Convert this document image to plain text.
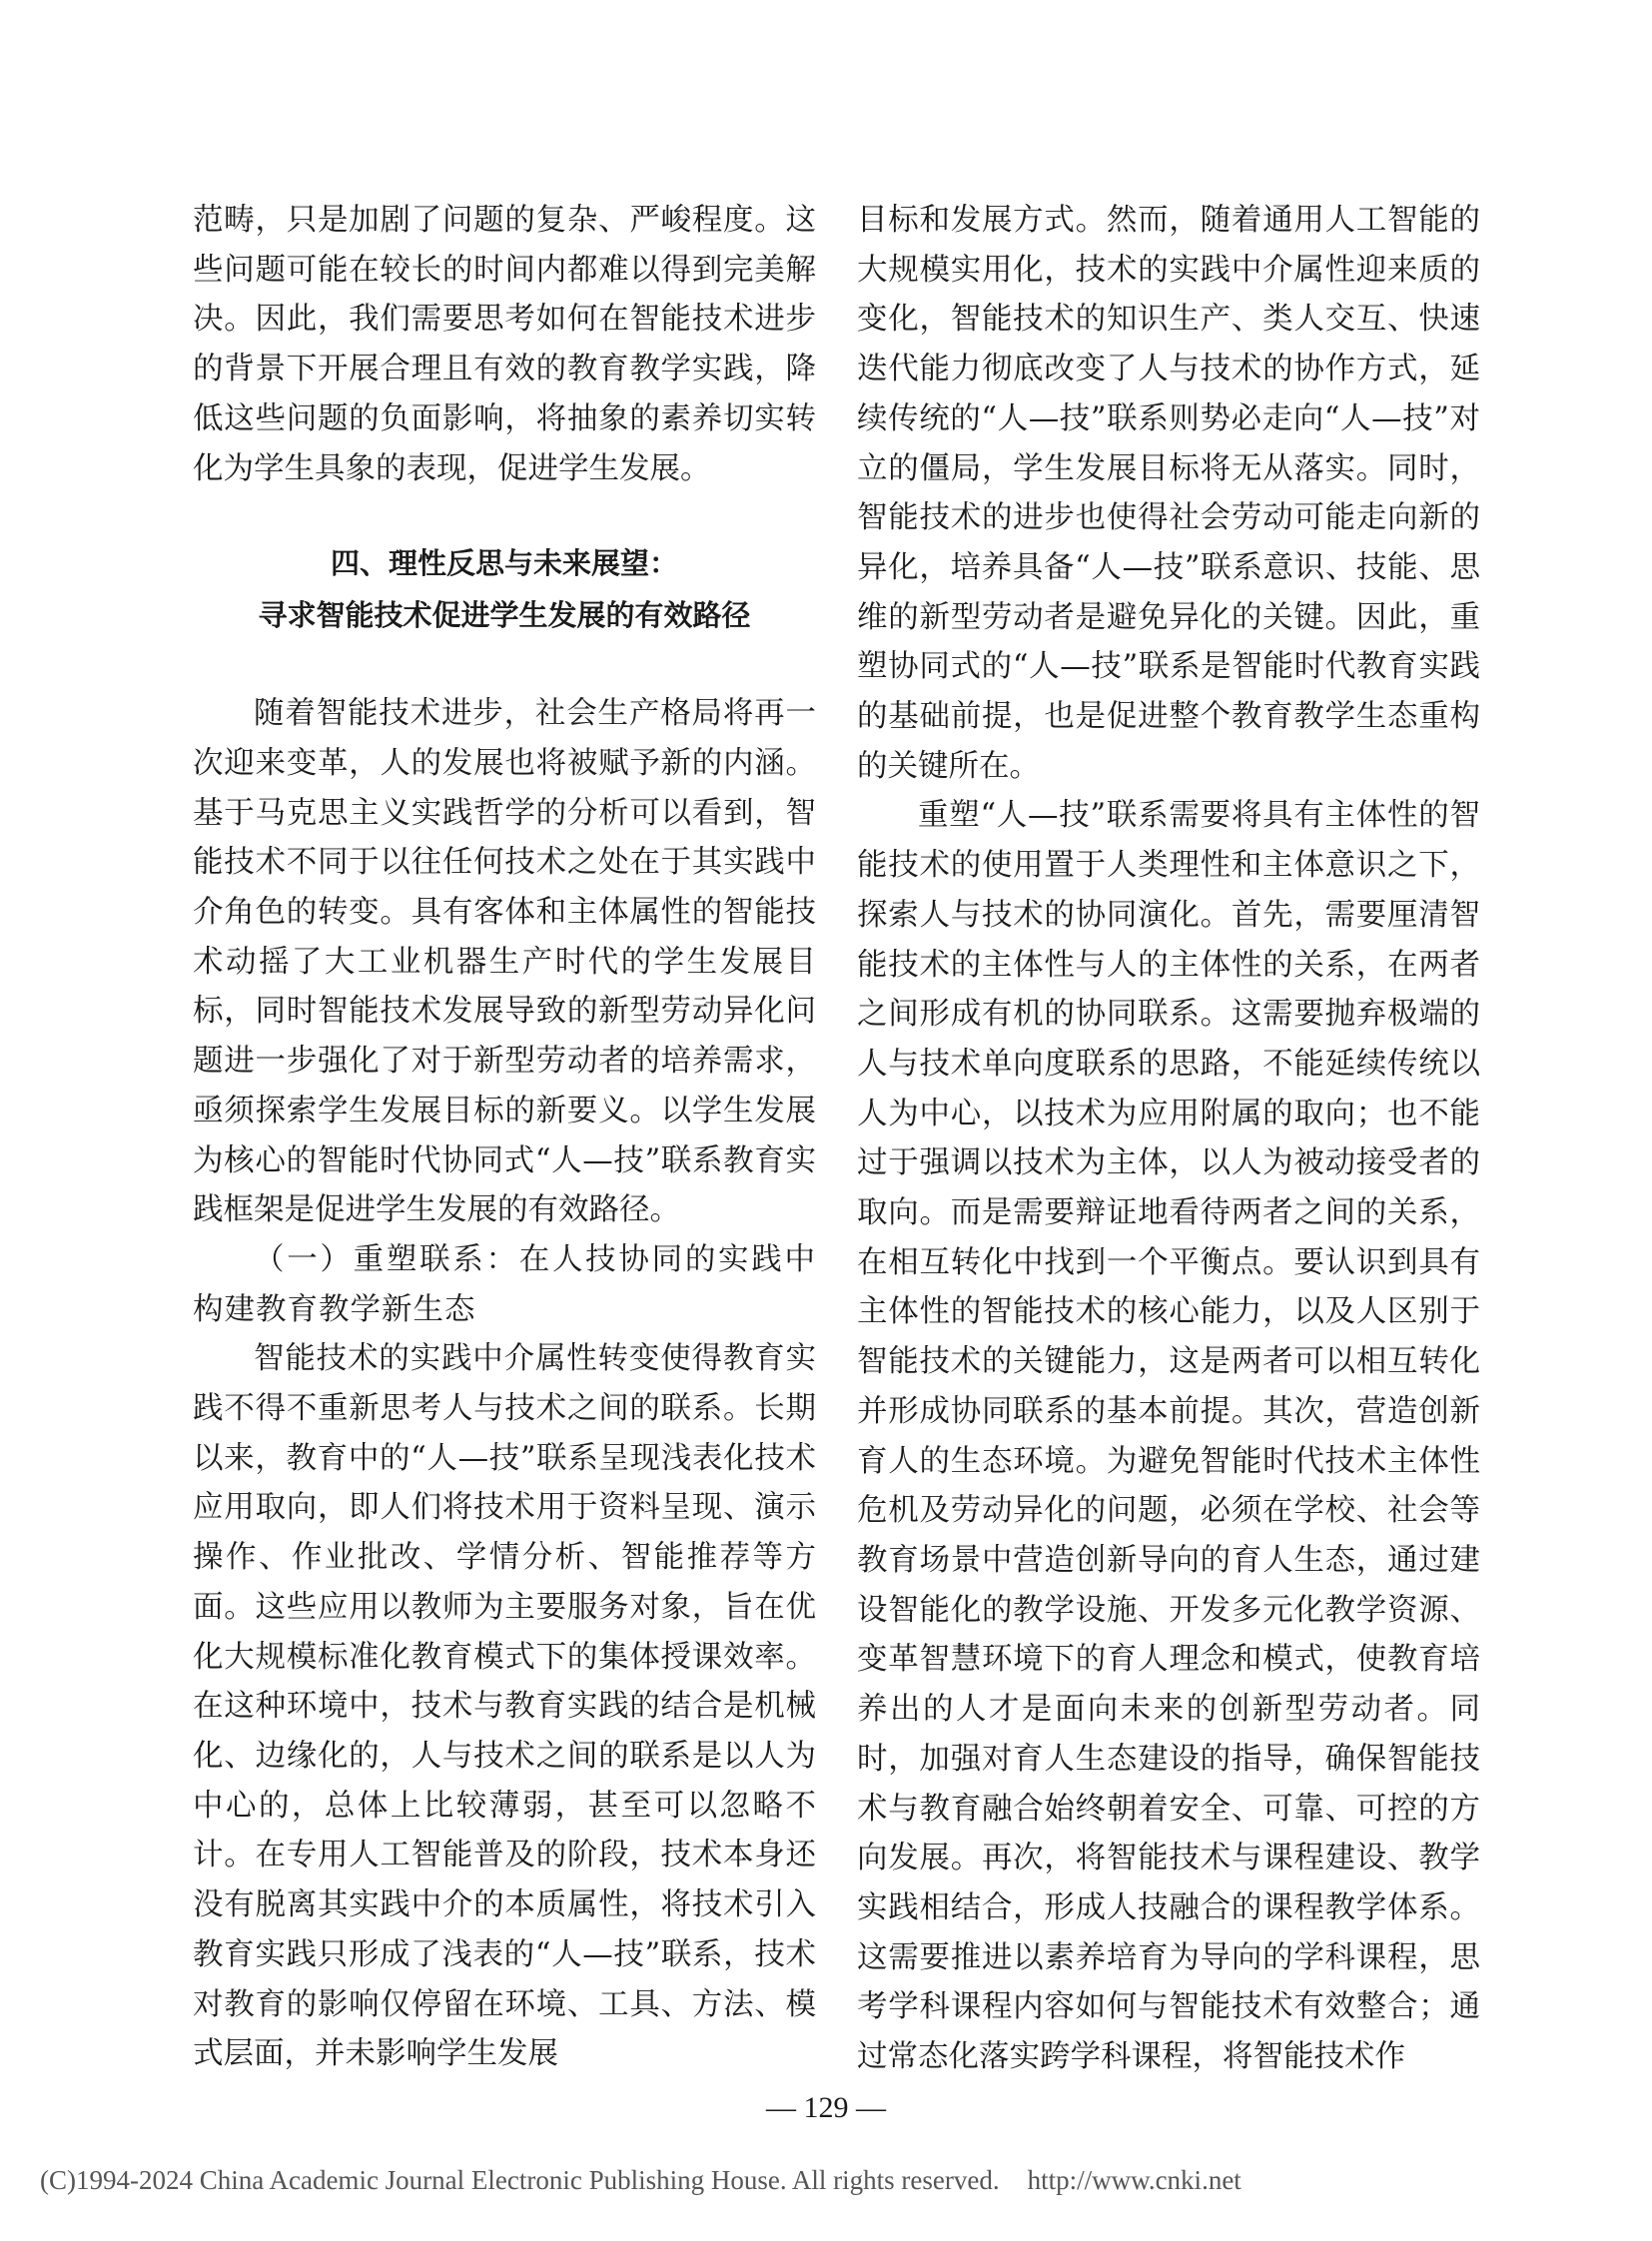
范畴，只是加剧了问题的复杂、严峻程度。这些问题可能在较长的时间内都难以得到完美解决。因此，我们需要思考如何在智能技术进步的背景下开展合理且有效的教育教学实践，降低这些问题的负面影响，将抽象的素养切实转化为学生具象的表现，促进学生发展。

四、理性反思与未来展望：
寻求智能技术促进学生发展的有效路径

随着智能技术进步，社会生产格局将再一次迎来变革，人的发展也将被赋予新的内涵。基于马克思主义实践哲学的分析可以看到，智能技术不同于以往任何技术之处在于其实践中介角色的转变。具有客体和主体属性的智能技术动摇了大工业机器生产时代的学生发展目标，同时智能技术发展导致的新型劳动异化问题进一步强化了对于新型劳动者的培养需求，亟须探索学生发展目标的新要义。以学生发展为核心的智能时代协同式“人—技”联系教育实践框架是促进学生发展的有效路径。

（一）重塑联系：在人技协同的实践中构建教育教学新生态

智能技术的实践中介属性转变使得教育实践不得不重新思考人与技术之间的联系。长期以来，教育中的“人—技”联系呈现浅表化技术应用取向，即人们将技术用于资料呈现、演示操作、作业批改、学情分析、智能推荐等方面。这些应用以教师为主要服务对象，旨在优化大规模标准化教育模式下的集体授课效率。在这种环境中，技术与教育实践的结合是机械化、边缘化的，人与技术之间的联系是以人为中心的，总体上比较薄弱，甚至可以忽略不计。在专用人工智能普及的阶段，技术本身还没有脱离其实践中介的本质属性，将技术引入教育实践只形成了浅表的“人—技”联系，技术对教育的影响仅停留在环境、工具、方法、模式层面，并未影响学生发展

目标和发展方式。然而，随着通用人工智能的大规模实用化，技术的实践中介属性迎来质的变化，智能技术的知识生产、类人交互、快速迭代能力彻底改变了人与技术的协作方式，延续传统的“人—技”联系则势必走向“人—技”对立的僵局，学生发展目标将无从落实。同时，智能技术的进步也使得社会劳动可能走向新的异化，培养具备“人—技”联系意识、技能、思维的新型劳动者是避免异化的关键。因此，重塑协同式的“人—技”联系是智能时代教育实践的基础前提，也是促进整个教育教学生态重构的关键所在。

重塑“人—技”联系需要将具有主体性的智能技术的使用置于人类理性和主体意识之下，探索人与技术的协同演化。首先，需要厘清智能技术的主体性与人的主体性的关系，在两者之间形成有机的协同联系。这需要抛弃极端的人与技术单向度联系的思路，不能延续传统以人为中心，以技术为应用附属的取向；也不能过于强调以技术为主体，以人为被动接受者的取向。而是需要辩证地看待两者之间的关系，在相互转化中找到一个平衡点。要认识到具有主体性的智能技术的核心能力，以及人区别于智能技术的关键能力，这是两者可以相互转化并形成协同联系的基本前提。其次，营造创新育人的生态环境。为避免智能时代技术主体性危机及劳动异化的问题，必须在学校、社会等教育场景中营造创新导向的育人生态，通过建设智能化的教学设施、开发多元化教学资源、变革智慧环境下的育人理念和模式，使教育培养出的人才是面向未来的创新型劳动者。同时，加强对育人生态建设的指导，确保智能技术与教育融合始终朝着安全、可靠、可控的方向发展。再次，将智能技术与课程建设、教学实践相结合，形成人技融合的课程教学体系。这需要推进以素养培育为导向的学科课程，思考学科课程内容如何与智能技术有效整合；通过常态化落实跨学科课程，将智能技术作

— 129 —
(C)1994-2024 China Academic Journal Electronic Publishing House. All rights reserved. http://www.cnki.net
